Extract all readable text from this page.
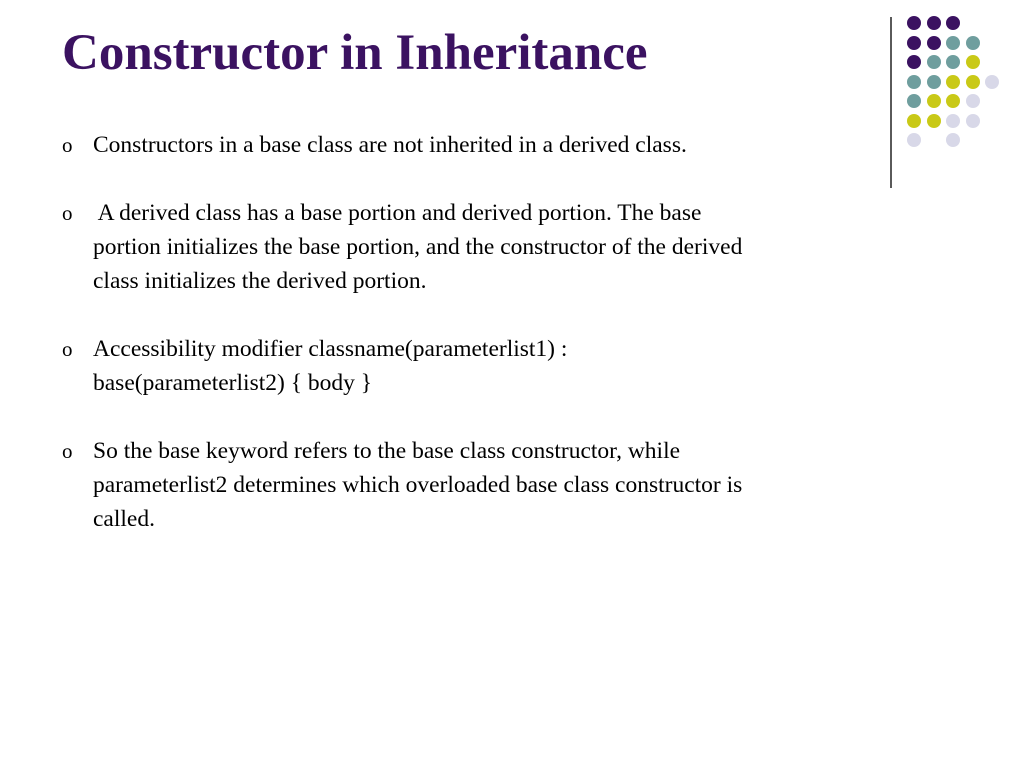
Constructor in Inheritance
o Constructors in a base class are not inherited in a derived class.
o A derived class has a base portion and derived portion. The base
portion initializes the base portion, and the constructor of the derived
class initializes the derived portion.
o Accessibility modifier classname(parameterlist1) :
base(parameterlist2) { body }
o So the base keyword refers to the base class constructor, while
parameterlist2 determines which overloaded base class constructor is
called.
